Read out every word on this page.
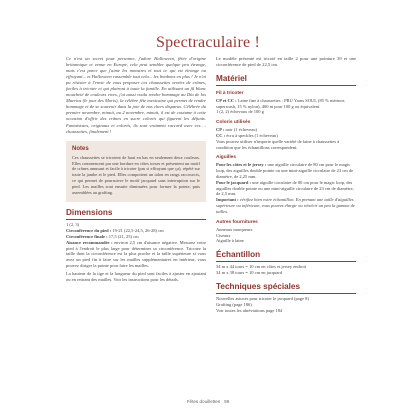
Spectraculaire !

Ce n'est un secret pour personne, j'adore Halloween, fêtée d'origine britannique et venue en Europe, cela peut sembler quelque peu étrange, mais c'est parce que j'aime les monstres et tout ce qui est étrange ou effrayant... et Halloween rassemble tout cela... les bonbons en plus ! Je n'ai pu résister à l'envie de vous proposer ces chaussettes ornées de crânes, faciles à tricoter et qui plairont à toute la famille. En utilisant un fil blanc moucheté de couleurs vives, j'ai aussi voulu rendre hommage au Día de los Muertos (le jour des Morts), la célèbre fête mexicaine qui permet de rendre hommage et de se souvenir dans la joie de nos chers disparus. Célébrée du premier novembre, minuit, au 2 novembre, minuit, il est de coutume à cette occasion d'offrir des crânes en sucre colorés qui figurent les défunts. Fantaisistes, originaux et colorés, ils sont vraiment raccord avec ces ... chaussettes, finalement !

Notes

Ces chaussettes se tricotent de haut en bas en seulement deux couleurs. Elles commencent par une bordure en côtes torses et présentent un motif de crânes amusant et facile à tricoter (pas si effrayant que ça), répété sur toute la jambe et le pied. Elles comportent un talon en rangs raccourcis, ce qui permet de poursuivre le motif jacquard sans interruption sur le pied. Les mailles sont ensuite diminuées pour former la pointe, puis assemblées au grafting.

Dimensions
1 (2, 3)
Circonférence du pied : 19-21 (22,5-24,5, 26-28) cm
Circonférence finale : 17,5 (21, 25) cm
Aisance recommandée : environ 2,5 cm d'aisance négative. Mesurez votre pied à l'endroit le plus large pour déterminer sa circonférence. Tricotez la taille dont la circonférence est la plus proche et la taille supérieure si vous avez un pied fin à faire sur les mailles supplémentaires en intérieur, vous pouvez diriger la pointe pour faire les mailles.
La hauteur de la tige et la longueur du pied sont faciles à ajuster en ajoutant ou en retirant des mailles. Voir les instructions pour les détails.

Le modèle présenté est tricoté en taille 2 pour une pointure 39 et une circonférence de pied de 22,5 cm.

Matériel
Fil à tricoter
CP et CC : Laine fine à chaussettes : PRU Yarns SOUL (85 % mérinos superwash, 15 % nylon), 400 m pour 100 g ou équivalent
1 (2, 2) échevaux de 100 g
Coloris utilisés
CP : noir (1 écheveau)
CC : écru à speckles (1 écheveau)
Vous pouvez utiliser n'importe quelle variété de laine à chaussettes à condition que les échantillons correspondent.
Aiguilles
Pour les côtes et le jersey : une aiguille circulaire de 80 cm pour le magic loop, des aiguilles double pointe ou une mini-aiguille circulaire de 23 cm de diamètre, de 2,25 mm.
Pour le jacquard : une aiguille circulaire de 80 cm pour le magic loop, des aiguilles double pointe ou une mini-aiguille circulaire de 23 cm de diamètre, de 2,5 mm.
Important : vérifiez bien votre échantillon. En prenant une taille d'aiguilles supérieure ou inférieure, vous pouvez élargir ou rétrécir un peu la gamme de tailles.
Autres fournitures
Anneaux marqueurs
Ciseaux
Aiguille à laine
Échantillon
34 m x 44 tours = 10 cm en côtes et jersey endroit
34 m x 38 tours = 10 cm en jacquard
Techniques spéciales
Nouvelles astuces pour tricoter le jacquard (page 8)
Grafting (page 186)
Voir toutes les abréviations page 184
Fêtes douillettes 99
